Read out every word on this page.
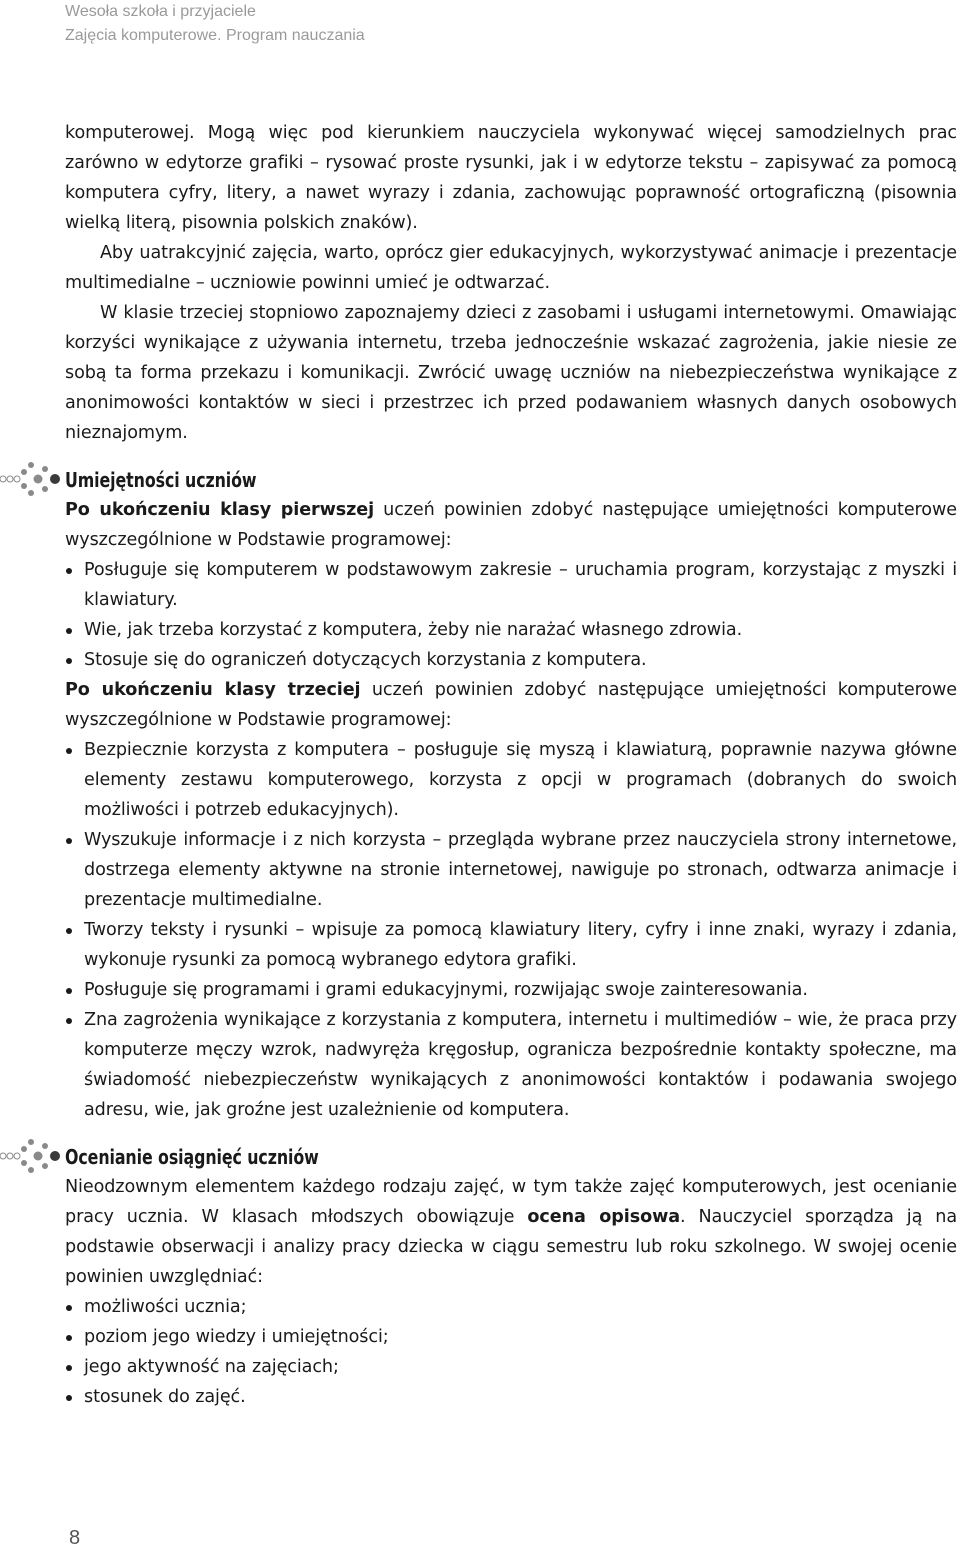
Wesoła szkoła i przyjaciele
Zajęcia komputerowe. Program nauczania

komputerowej. Mogą więc pod kierunkiem nauczyciela wykonywać więcej samodzielnych prac zarówno w edytorze grafiki – rysować proste rysunki, jak i w edytorze tekstu – zapisywać za pomocą komputera cyfry, litery, a nawet wyrazy i zdania, zachowując poprawność ortograficzną (pisownia wielką literą, pisownia polskich znaków).

Aby uatrakcyjnić zajęcia, warto, oprócz gier edukacyjnych, wykorzystywać animacje i prezentacje multimedialne – uczniowie powinni umieć je odtwarzać.

W klasie trzeciej stopniowo zapoznajemy dzieci z zasobami i usługami internetowymi. Omawiając korzyści wynikające z używania internetu, trzeba jednocześnie wskazać zagrożenia, jakie niesie ze sobą ta forma przekazu i komunikacji. Zwrócić uwagę uczniów na niebezpieczeństwa wynikające z anonimowości kontaktów w sieci i przestrzec ich przed podawaniem własnych danych osobowych nieznajomym.

Umiejętności uczniów

Po ukończeniu klasy pierwszej uczeń powinien zdobyć następujące umiejętności komputerowe wyszczególnione w Podstawie programowej:

Posługuje się komputerem w podstawowym zakresie – uruchamia program, korzystając z myszki i klawiatury.
Wie, jak trzeba korzystać z komputera, żeby nie narażać własnego zdrowia.
Stosuje się do ograniczeń dotyczących korzystania z komputera.

Po ukończeniu klasy trzeciej uczeń powinien zdobyć następujące umiejętności komputerowe wyszczególnione w Podstawie programowej:

Bezpiecznie korzysta z komputera – posługuje się myszą i klawiaturą, poprawnie nazywa główne elementy zestawu komputerowego, korzysta z opcji w programach (dobranych do swoich możliwości i potrzeb edukacyjnych).
Wyszukuje informacje i z nich korzysta – przegląda wybrane przez nauczyciela strony internetowe, dostrzega elementy aktywne na stronie internetowej, nawiguje po stronach, odtwarza animacje i prezentacje multimedialne.
Tworzy teksty i rysunki – wpisuje za pomocą klawiatury litery, cyfry i inne znaki, wyrazy i zdania, wykonuje rysunki za pomocą wybranego edytora grafiki.
Posługuje się programami i grami edukacyjnymi, rozwijając swoje zainteresowania.
Zna zagrożenia wynikające z korzystania z komputera, internetu i multimediów – wie, że praca przy komputerze męczy wzrok, nadwyręża kręgosłup, ogranicza bezpośrednie kontakty społeczne, ma świadomość niebezpieczeństw wynikających z anonimowości kontaktów i podawania swojego adresu, wie, jak groźne jest uzależnienie od komputera.
Ocenianie osiągnięć uczniów

Nieodzownym elementem każdego rodzaju zajęć, w tym także zajęć komputerowych, jest ocenianie pracy ucznia. W klasach młodszych obowiązuje ocena opisowa. Nauczyciel sporządza ją na podstawie obserwacji i analizy pracy dziecka w ciągu semestru lub roku szkolnego. W swojej ocenie powinien uwzględniać:

możliwości ucznia;
poziom jego wiedzy i umiejętności;
jego aktywność na zajęciach;
stosunek do zajęć.
8
